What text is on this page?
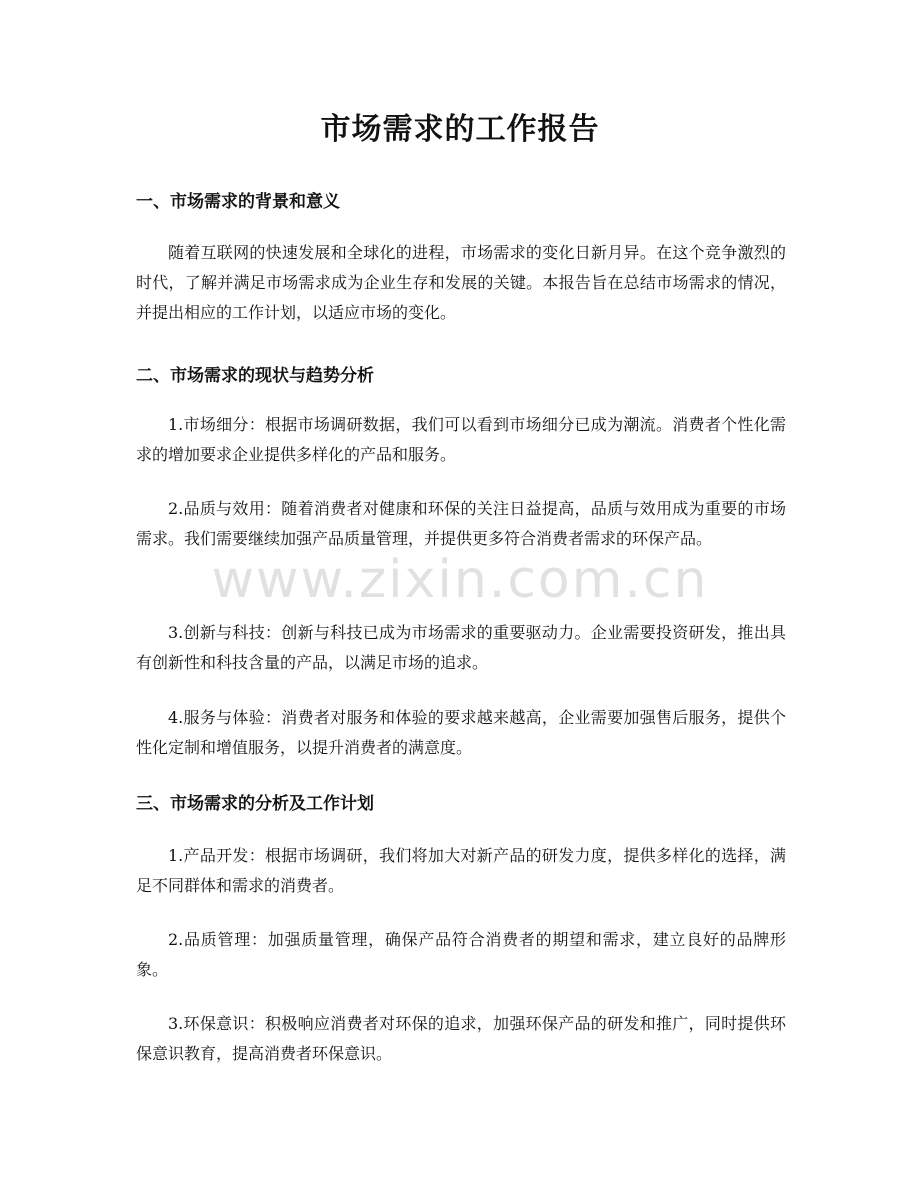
市场需求的工作报告
一、市场需求的背景和意义

随着互联网的快速发展和全球化的进程，市场需求的变化日新月异。在这个竞争激烈的时代，了解并满足市场需求成为企业生存和发展的关键。本报告旨在总结市场需求的情况，并提出相应的工作计划，以适应市场的变化。

二、市场需求的现状与趋势分析

1.市场细分：根据市场调研数据，我们可以看到市场细分已成为潮流。消费者个性化需求的增加要求企业提供多样化的产品和服务。

2.品质与效用：随着消费者对健康和环保的关注日益提高，品质与效用成为重要的市场需求。我们需要继续加强产品质量管理，并提供更多符合消费者需求的环保产品。

3.创新与科技：创新与科技已成为市场需求的重要驱动力。企业需要投资研发，推出具有创新性和科技含量的产品，以满足市场的追求。

4.服务与体验：消费者对服务和体验的要求越来越高，企业需要加强售后服务，提供个性化定制和增值服务，以提升消费者的满意度。

三、市场需求的分析及工作计划

1.产品开发：根据市场调研，我们将加大对新产品的研发力度，提供多样化的选择，满足不同群体和需求的消费者。

2.品质管理：加强质量管理，确保产品符合消费者的期望和需求，建立良好的品牌形象。

3.环保意识：积极响应消费者对环保的追求，加强环保产品的研发和推广，同时提供环保意识教育，提高消费者环保意识。

www.zixin.com.cn
